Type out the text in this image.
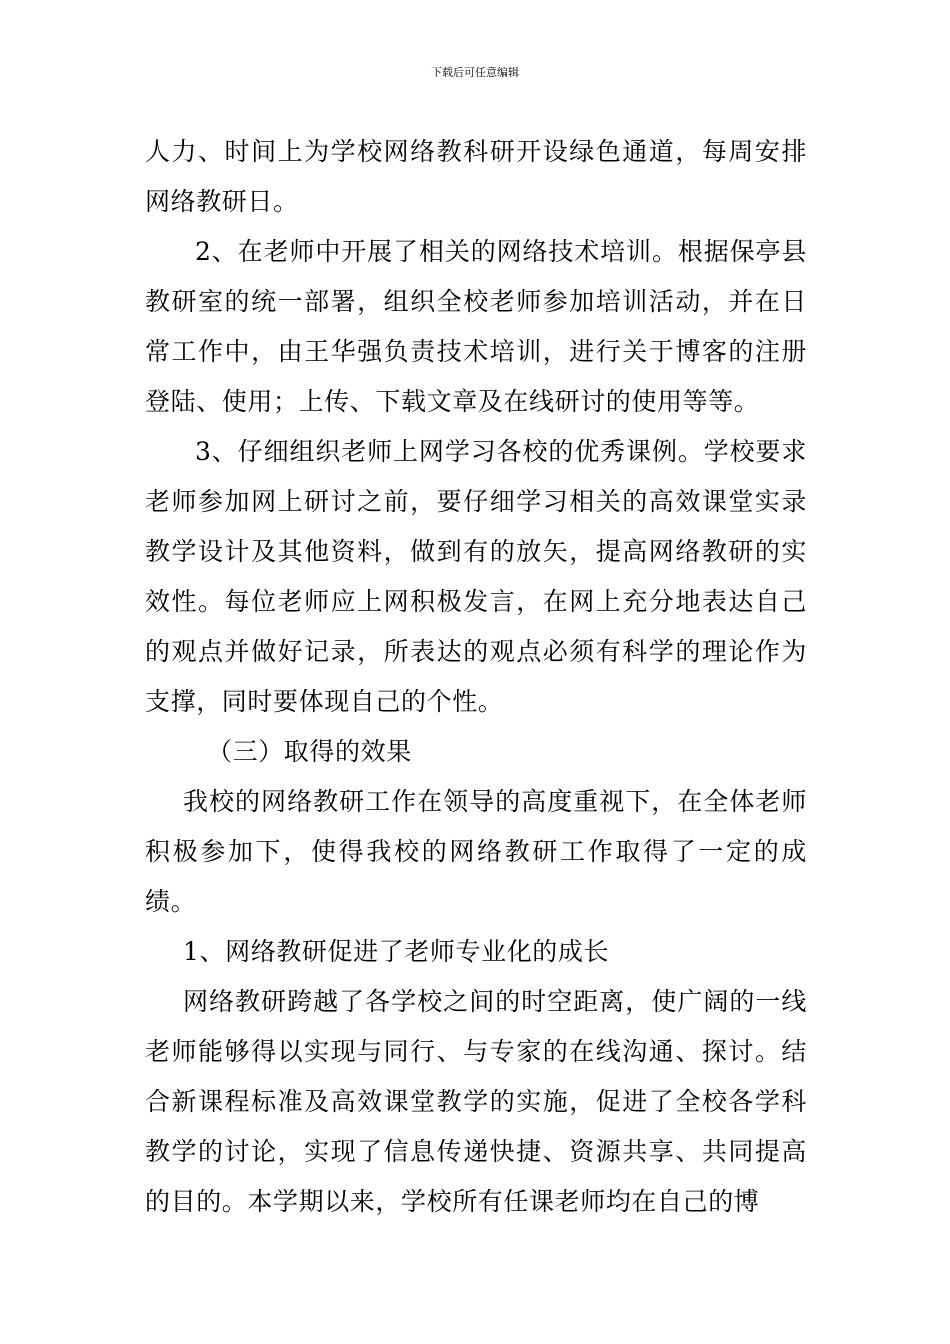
下载后可任意编辑

人力、时间上为学校网络教科研开设绿色通道，每周安排网络教研日。

2、在老师中开展了相关的网络技术培训。根据保亭县教研室的统一部署，组织全校老师参加培训活动，并在日常工作中，由王华强负责技术培训，进行关于博客的注册登陆、使用；上传、下载文章及在线研讨的使用等等。

3、仔细组织老师上网学习各校的优秀课例。学校要求老师参加网上研讨之前，要仔细学习相关的高效课堂实录教学设计及其他资料，做到有的放矢，提高网络教研的实效性。每位老师应上网积极发言，在网上充分地表达自己的观点并做好记录，所表达的观点必须有科学的理论作为支撑，同时要体现自己的个性。

（三）取得的效果

我校的网络教研工作在领导的高度重视下，在全体老师积极参加下，使得我校的网络教研工作取得了一定的成绩。

1、网络教研促进了老师专业化的成长

网络教研跨越了各学校之间的时空距离，使广阔的一线老师能够得以实现与同行、与专家的在线沟通、探讨。结合新课程标准及高效课堂教学的实施，促进了全校各学科教学的讨论，实现了信息传递快捷、资源共享、共同提高的目的。本学期以来，学校所有任课老师均在自己的博
